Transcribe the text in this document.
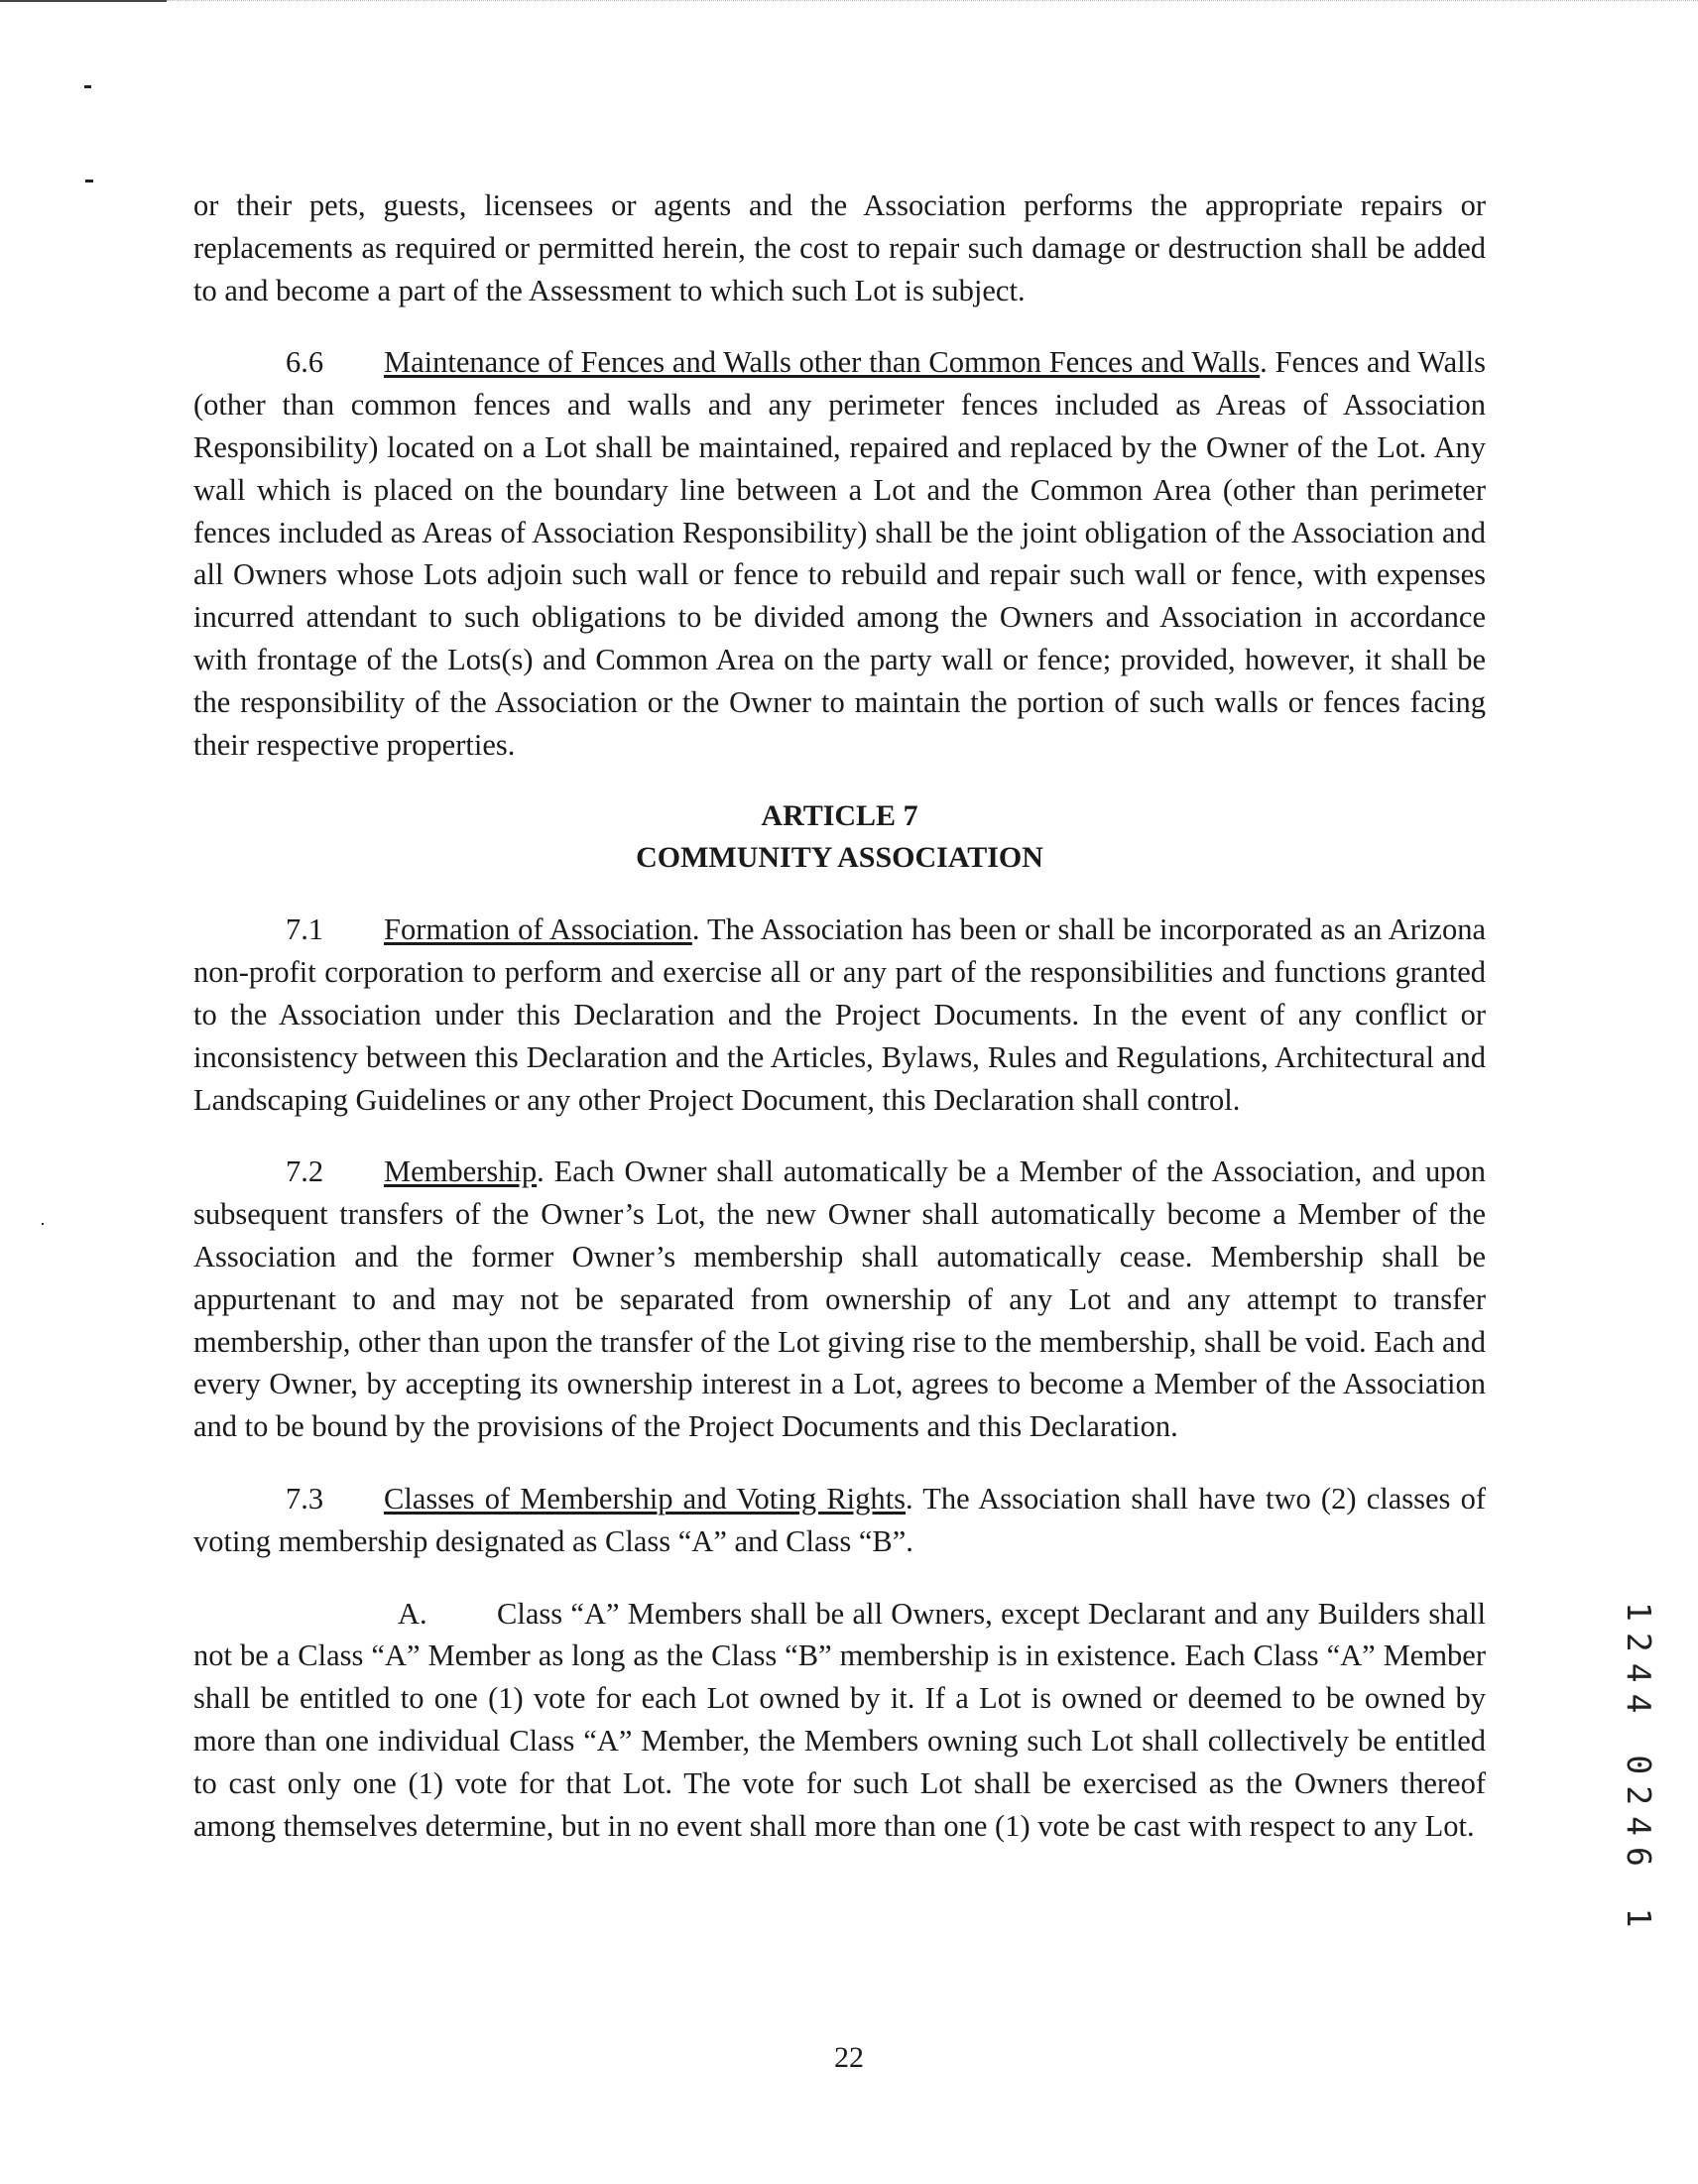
or their pets, guests, licensees or agents and the Association performs the appropriate repairs or replacements as required or permitted herein, the cost to repair such damage or destruction shall be added to and become a part of the Assessment to which such Lot is subject.

6.6 Maintenance of Fences and Walls other than Common Fences and Walls. Fences and Walls (other than common fences and walls and any perimeter fences included as Areas of Association Responsibility) located on a Lot shall be maintained, repaired and replaced by the Owner of the Lot. Any wall which is placed on the boundary line between a Lot and the Common Area (other than perimeter fences included as Areas of Association Responsibility) shall be the joint obligation of the Association and all Owners whose Lots adjoin such wall or fence to rebuild and repair such wall or fence, with expenses incurred attendant to such obligations to be divided among the Owners and Association in accordance with frontage of the Lots(s) and Common Area on the party wall or fence; provided, however, it shall be the responsibility of the Association or the Owner to maintain the portion of such walls or fences facing their respective properties.

ARTICLE 7
COMMUNITY ASSOCIATION

7.1 Formation of Association. The Association has been or shall be incorporated as an Arizona non-profit corporation to perform and exercise all or any part of the responsibilities and functions granted to the Association under this Declaration and the Project Documents. In the event of any conflict or inconsistency between this Declaration and the Articles, Bylaws, Rules and Regulations, Architectural and Landscaping Guidelines or any other Project Document, this Declaration shall control.

7.2 Membership. Each Owner shall automatically be a Member of the Association, and upon subsequent transfers of the Owner’s Lot, the new Owner shall automatically become a Member of the Association and the former Owner’s membership shall automatically cease. Membership shall be appurtenant to and may not be separated from ownership of any Lot and any attempt to transfer membership, other than upon the transfer of the Lot giving rise to the membership, shall be void. Each and every Owner, by accepting its ownership interest in a Lot, agrees to become a Member of the Association and to be bound by the provisions of the Project Documents and this Declaration.

7.3 Classes of Membership and Voting Rights. The Association shall have two (2) classes of voting membership designated as Class “A” and Class “B”.

A. Class “A” Members shall be all Owners, except Declarant and any Builders shall not be a Class “A” Member as long as the Class “B” membership is in existence. Each Class “A” Member shall be entitled to one (1) vote for each Lot owned by it. If a Lot is owned or deemed to be owned by more than one individual Class “A” Member, the Members owning such Lot shall collectively be entitled to cast only one (1) vote for that Lot. The vote for such Lot shall be exercised as the Owners thereof among themselves determine, but in no event shall more than one (1) vote be cast with respect to any Lot.

22
1244 0246 1
